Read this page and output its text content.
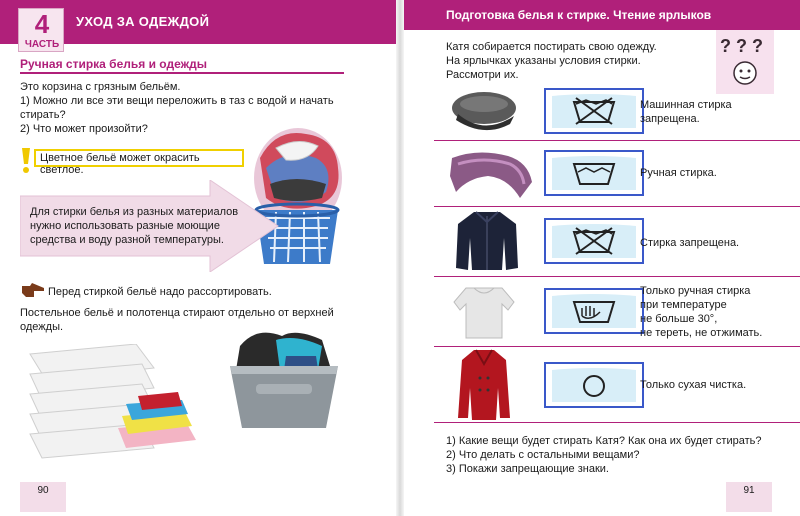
4
ЧАСТЬ
УХОД ЗА ОДЕЖДОЙ
Ручная стирка белья и одежды
Это корзина с грязным бельём.
1) Можно ли все эти вещи переложить в таз с водой и начать
стирать?
2) Что может произойти?
Цветное бельё может окрасить светлое.
Для стирки белья из разных материалов
нужно использовать разные моющие
средства и воду разной температуры.
Перед стиркой бельё надо рассортировать.
Постельное бельё и полотенца стирают отдельно от верхней
одежды.
90
Подготовка белья к стирке. Чтение ярлыков
? ? ?
Катя собирается постирать свою одежду.
На ярлычках указаны условия стирки.
Рассмотри их.
Машинная стирка
запрещена.
Ручная стирка.
Стирка запрещена.
Только ручная стирка
при температуре
не больше 30°,
не тереть, не отжимать.
Только сухая чистка.
1) Какие вещи будет стирать Катя? Как она их будет стирать?
2) Что делать с остальными вещами?
3) Покажи запрещающие знаки.
91
